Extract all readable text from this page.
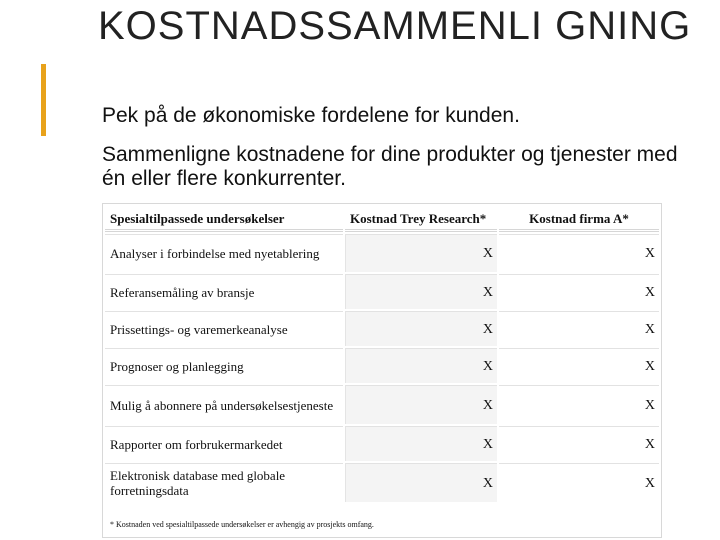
KOSTNADSSAMMENLI GNING

Pek på de økonomiske fordelene for kunden.

Sammenligne kostnadene for dine produkter og tjenester med én eller flere konkurrenter.

Spesialtilpassede undersøkelser	Kostnad Trey Research*	Kostnad firma A*
Analyser i forbindelse med nyetablering	X	X
Referansemåling av bransje	X	X
Prissettings- og varemerkeanalyse	X	X
Prognoser og planlegging	X	X
Mulig å abonnere på undersøkelsestjeneste	X	X
Rapporter om forbrukermarkedet	X	X
Elektronisk database med globale forretningsdata	X	X
* Kostnaden ved spesialtilpassede undersøkelser er avhengig av prosjekts omfang.		
